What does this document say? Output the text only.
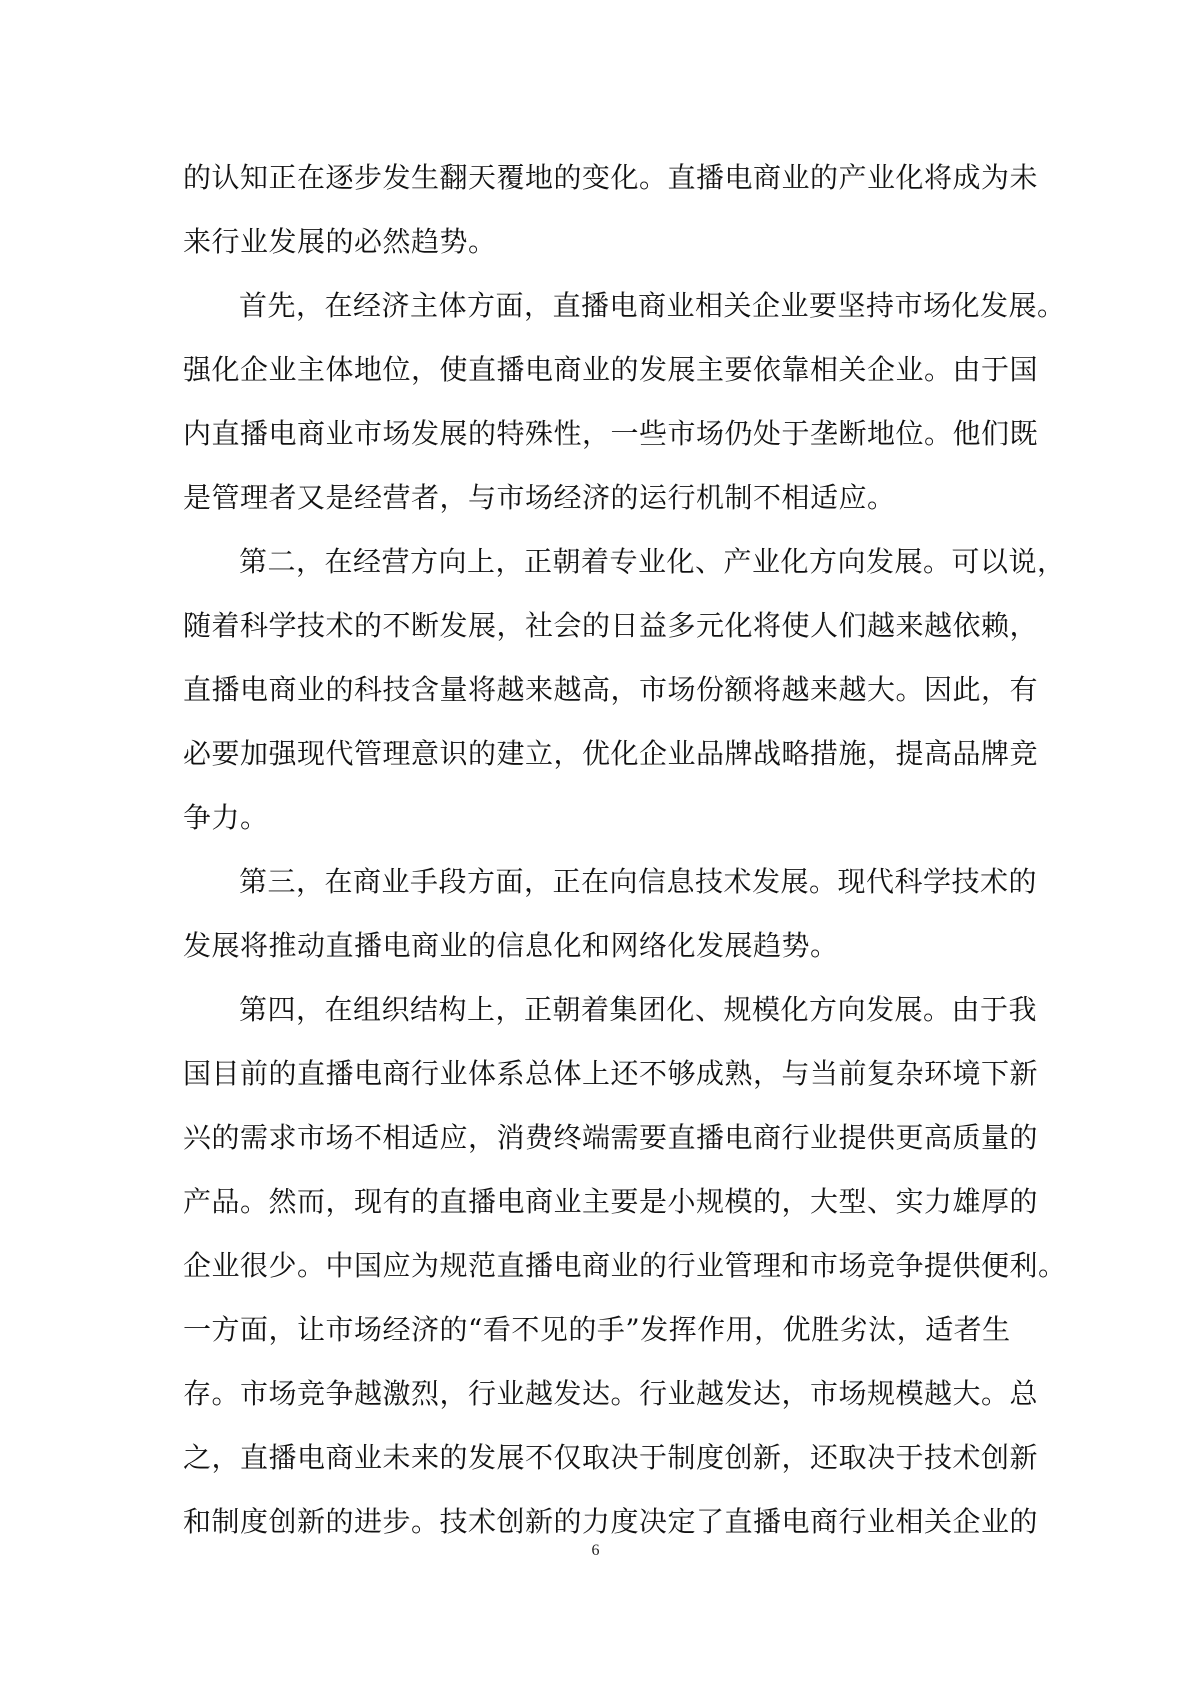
的认知正在逐步发生翻天覆地的变化。直播电商业的产业化将成为未
来行业发展的必然趋势。
首先，在经济主体方面，直播电商业相关企业要坚持市场化发展。
强化企业主体地位，使直播电商业的发展主要依靠相关企业。由于国
内直播电商业市场发展的特殊性，一些市场仍处于垄断地位。他们既
是管理者又是经营者，与市场经济的运行机制不相适应。
第二，在经营方向上，正朝着专业化、产业化方向发展。可以说，
随着科学技术的不断发展，社会的日益多元化将使人们越来越依赖，
直播电商业的科技含量将越来越高，市场份额将越来越大。因此，有
必要加强现代管理意识的建立，优化企业品牌战略措施，提高品牌竞
争力。
第三，在商业手段方面，正在向信息技术发展。现代科学技术的
发展将推动直播电商业的信息化和网络化发展趋势。
第四，在组织结构上，正朝着集团化、规模化方向发展。由于我
国目前的直播电商行业体系总体上还不够成熟，与当前复杂环境下新
兴的需求市场不相适应，消费终端需要直播电商行业提供更高质量的
产品。然而，现有的直播电商业主要是小规模的，大型、实力雄厚的
企业很少。中国应为规范直播电商业的行业管理和市场竞争提供便利。
一方面，让市场经济的“看不见的手”发挥作用，优胜劣汰，适者生
存。市场竞争越激烈，行业越发达。行业越发达，市场规模越大。总
之，直播电商业未来的发展不仅取决于制度创新，还取决于技术创新
和制度创新的进步。技术创新的力度决定了直播电商行业相关企业的
6
